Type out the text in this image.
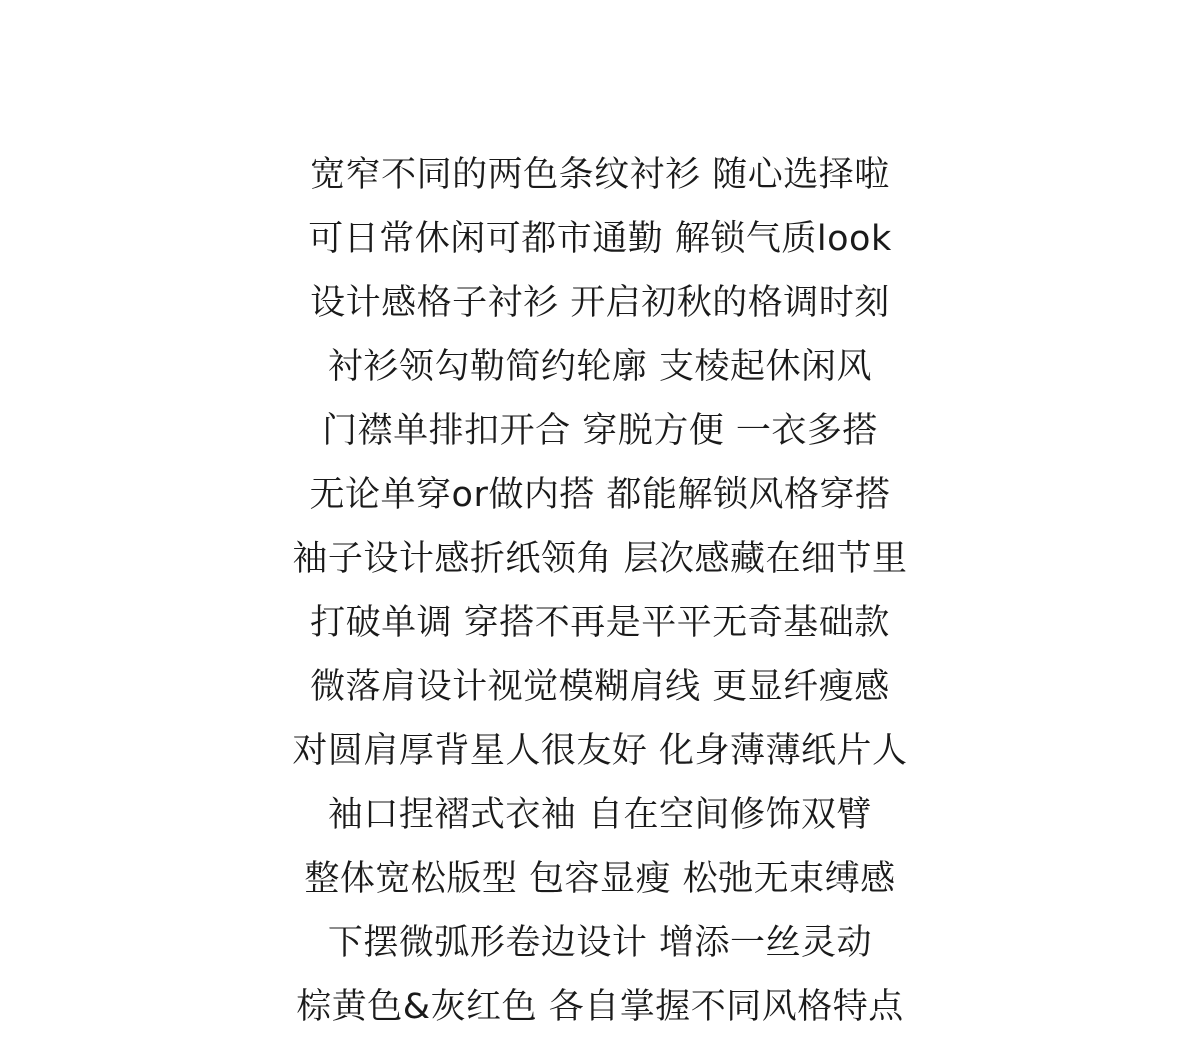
宽窄不同的两色条纹衬衫 随心选择啦
可日常休闲可都市通勤 解锁气质look
设计感格子衬衫 开启初秋的格调时刻
衬衫领勾勒简约轮廓 支棱起休闲风
门襟单排扣开合 穿脱方便 一衣多搭
无论单穿or做内搭 都能解锁风格穿搭
袖子设计感折纸领角 层次感藏在细节里
打破单调 穿搭不再是平平无奇基础款
微落肩设计视觉模糊肩线 更显纤瘦感
对圆肩厚背星人很友好 化身薄薄纸片人
袖口捏褶式衣袖 自在空间修饰双臂
整体宽松版型 包容显瘦 松弛无束缚感
下摆微弧形卷边设计 增添一丝灵动
棕黄色&灰红色 各自掌握不同风格特点
